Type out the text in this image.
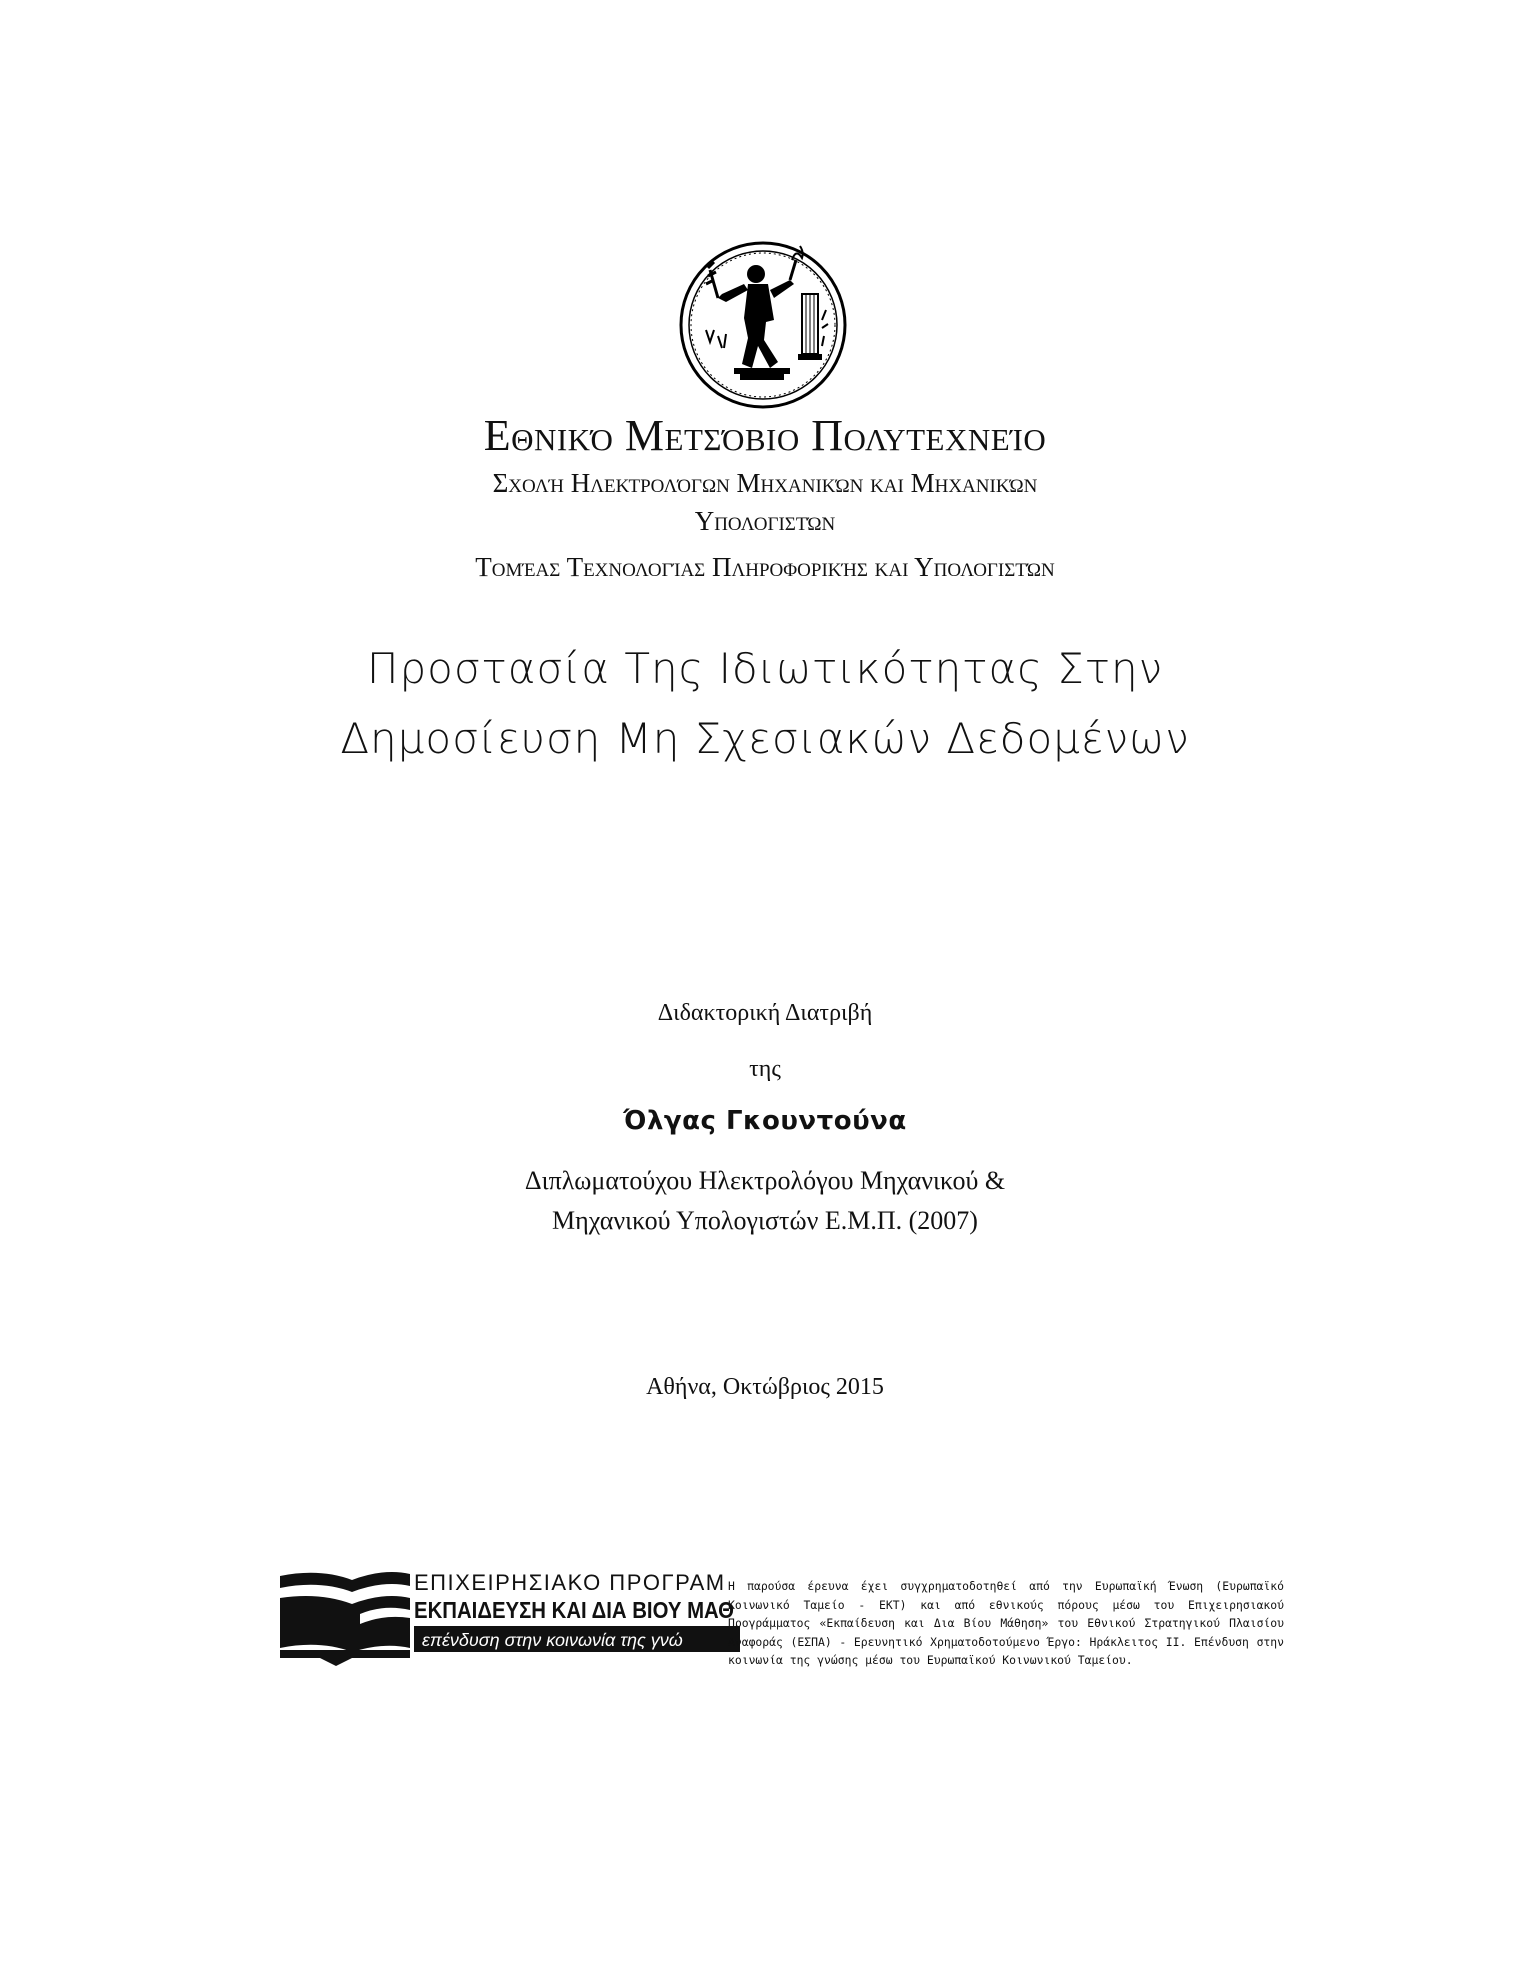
Εθνικό Μετσόβιο Πολυτεχνείο
Σχολή Ηλεκτρολόγων Μηχανικών και Μηχανικών
Υπολογιστών
Τομέας Τεχνολογίας Πληροφορικής και Υπολογιστών
Προστασία Της Ιδιωτικότητας Στην
Δημοσίευση Μη Σχεσιακών Δεδομένων
Διδακτορική Διατριβή
της
Όλγας Γκουντούνα
Διπλωματούχου Ηλεκτρολόγου Μηχανικού &
Μηχανικού Υπολογιστών Ε.Μ.Π. (2007)
Αθήνα, Οκτώβριος 2015
ΕΠΙΧΕΙΡΗΣΙΑΚΟ ΠΡΟΓΡΑΜ
ΕΚΠΑΙΔΕΥΣΗ ΚΑΙ ΔΙΑ ΒΙΟΥ ΜΑΘ
επένδυση στην κοινωνία της γνώ
Η παρούσα έρευνα έχει συγχρηματοδοτηθεί από την Ευρωπαϊκή Ένωση (Ευρωπαϊκό Κοινωνικό Ταμείο - ΕΚΤ) και από εθνικούς πόρους μέσω του Επιχειρησιακού Προγράμματος «Εκπαίδευση και Δια Βίου Μάθηση» του Εθνικού Στρατηγικού Πλαισίου Αναφοράς (ΕΣΠΑ) - Ερευνητικό Χρηματοδοτούμενο Έργο: Ηράκλειτος ΙΙ. Επένδυση στην κοινωνία της γνώσης μέσω του Ευρωπαϊκού Κοινωνικού Ταμείου.
